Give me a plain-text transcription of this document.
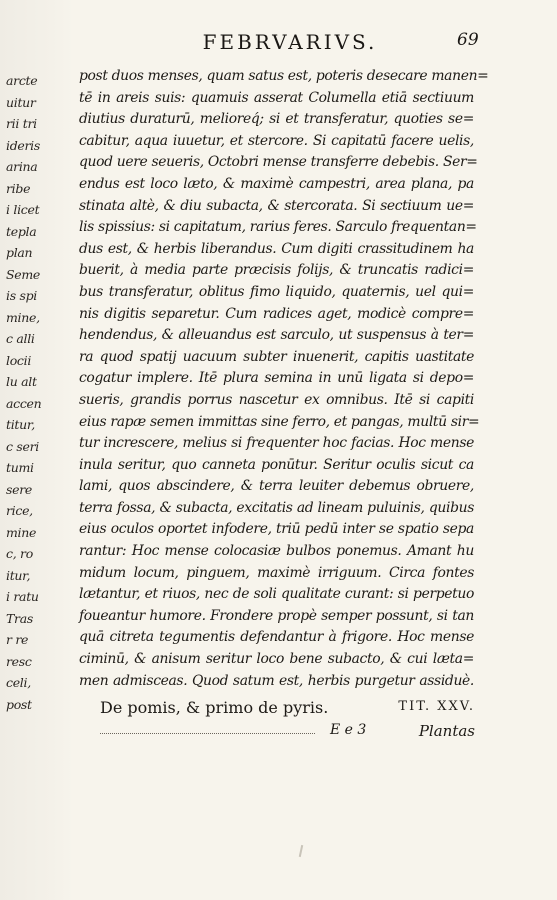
arcte
uitur
rii tri
ideris
arina
ribe
i licet
tepla
plan
Seme
is spi
mine,
c alli
locii
lu alt
accen
titur,
c seri
tumi
sere
rice,
mine
c, ro
itur,
i ratu
Tras
r re
resc
celi,
post
FEBRVARIVS.	69
post duos menses, quam satus est, poteris desecare manen=
tē in areis suis: quamuis asserat Columella etiā sectiuum
diutius duraturū, melioreq́; si et transferatur, quoties se=
cabitur, aqua iuuetur, et stercore. Si capitatū facere uelis,
quod uere seueris, Octobri mense transferre debebis. Ser=
endus est loco læto, & maximè campestri, area plana, pa
stinata altè, & diu subacta, & stercorata. Si sectiuum ue=
lis spissius: si capitatum, rarius feres. Sarculo frequentan=
dus est, & herbis liberandus. Cum digiti crassitudinem ha
buerit, à media parte præcisis folijs, & truncatis radici=
bus transferatur, oblitus fimo liquido, quaternis, uel qui=
nis digitis separetur. Cum radices aget, modicè compre=
hendendus, & alleuandus est sarculo, ut suspensus à ter=
ra quod spatij uacuum subter inuenerit, capitis uastitate
cogatur implere. Itē plura semina in unū ligata si depo=
sueris, grandis porrus nascetur ex omnibus. Itē si capiti
eius rapæ semen immittas sine ferro, et pangas, multū sir=
tur increscere, melius si frequenter hoc facias. Hoc mense
inula seritur, quo canneta ponūtur. Seritur oculis sicut ca
lami, quos abscindere, & terra leuiter debemus obruere,
terra fossa, & subacta, excitatis ad lineam puluinis, quibus
eius oculos oportet infodere, triū pedū inter se spatio sepa
rantur: Hoc mense colocasiæ bulbos ponemus. Amant hu
midum locum, pinguem, maximè irriguum. Circa fontes
lætantur, et riuos, nec de soli qualitate curant: si perpetuo
foueantur humore. Frondere propè semper possunt, si tan
quā citreta tegumentis defendantur à frigore. Hoc mense
ciminū, & anisum seritur loco bene subacto, & cui læta=
men admisceas. Quod satum est, herbis purgetur assiduè.
De pomis, & primo de pyris.	TIT. XXV.
E e 3	Plantas
